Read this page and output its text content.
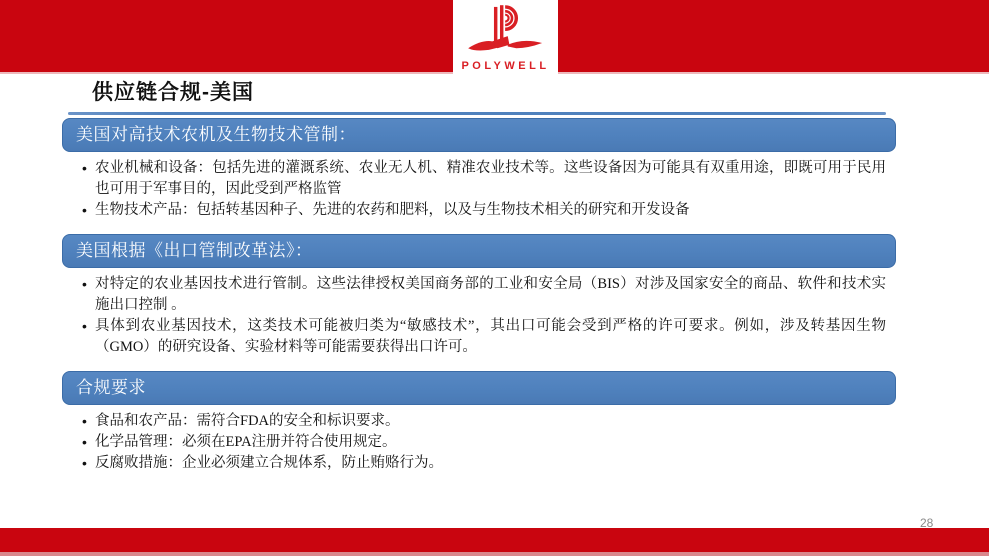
POLYWELL
供应链合规-美国
美国对高技术农机及生物技术管制：
• 农业机械和设备：包括先进的灌溉系统、农业无人机、精准农业技术等。这些设备因为可能具有双重用途，即既可用于民用也可用于军事目的，因此受到严格监管
• 生物技术产品：包括转基因种子、先进的农药和肥料，以及与生物技术相关的研究和开发设备
美国根据《出口管制改革法》：
• 对特定的农业基因技术进行管制。这些法律授权美国商务部的工业和安全局（BIS）对涉及国家安全的商品、软件和技术实施出口控制 。
• 具体到农业基因技术，这类技术可能被归类为“敏感技术”，其出口可能会受到严格的许可要求。例如，涉及转基因生物（GMO）的研究设备、实验材料等可能需要获得出口许可。
合规要求
• 食品和农产品：需符合FDA的安全和标识要求。
• 化学品管理：必须在EPA注册并符合使用规定。
• 反腐败措施：企业必须建立合规体系，防止贿赂行为。
28
